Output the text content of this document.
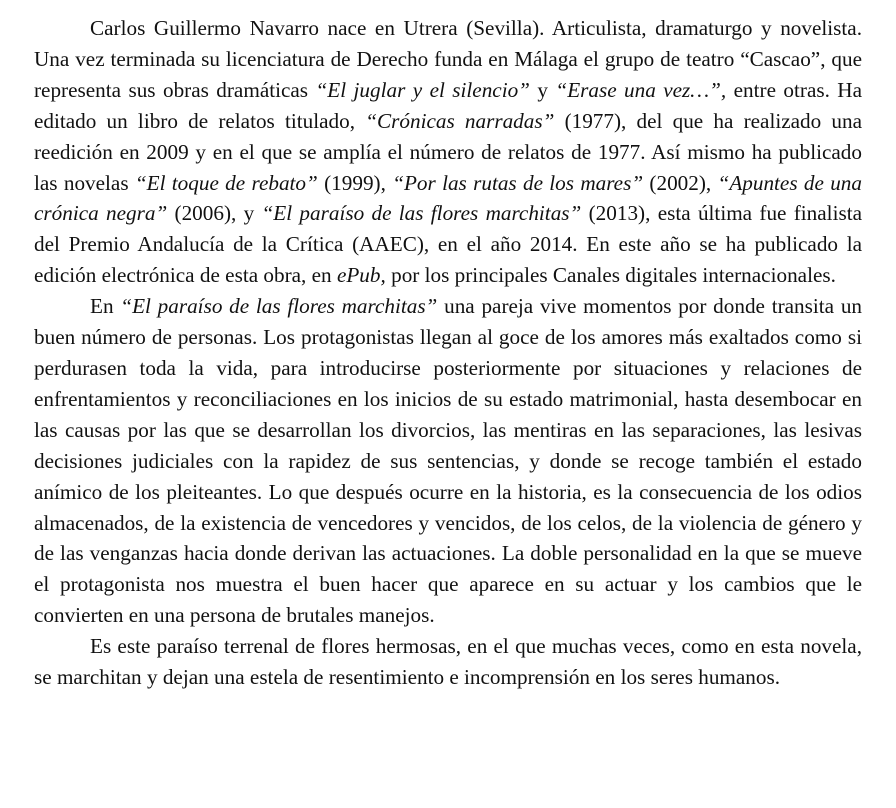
Carlos Guillermo Navarro nace en Utrera (Sevilla). Articulista, dramaturgo y novelista. Una vez terminada su licenciatura de Derecho funda en Málaga el grupo de teatro “Cascao”, que representa sus obras dramáticas “El juglar y el silencio” y “Erase una vez…”, entre otras. Ha editado un libro de relatos titulado, “Crónicas narradas” (1977), del que ha realizado una reedición en 2009 y en el que se amplía el número de relatos de 1977. Así mismo ha publicado las novelas “El toque de rebato” (1999), “Por las rutas de los mares” (2002), “Apuntes de una crónica negra” (2006), y “El paraíso de las flores marchitas” (2013), esta última fue finalista del Premio Andalucía de la Crítica (AAEC), en el año 2014. En este año se ha publicado la edición electrónica de esta obra, en ePub, por los principales Canales digitales internacionales.

En “El paraíso de las flores marchitas” una pareja vive momentos por donde transita un buen número de personas. Los protagonistas llegan al goce de los amores más exaltados como si perdurasen toda la vida, para introducirse posteriormente por situaciones y relaciones de enfrentamientos y reconciliaciones en los inicios de su estado matrimonial, hasta desembocar en las causas por las que se desarrollan los divorcios, las mentiras en las separaciones, las lesivas decisiones judiciales con la rapidez de sus sentencias, y donde se recoge también el estado anímico de los pleiteantes. Lo que después ocurre en la historia, es la consecuencia de los odios almacenados, de la existencia de vencedores y vencidos, de los celos, de la violencia de género y de las venganzas hacia donde derivan las actuaciones. La doble personalidad en la que se mueve el protagonista nos muestra el buen hacer que aparece en su actuar y los cambios que le convierten en una persona de brutales manejos.

Es este paraíso terrenal de flores hermosas, en el que muchas veces, como en esta novela, se marchitan y dejan una estela de resentimiento e incomprensión en los seres humanos.
